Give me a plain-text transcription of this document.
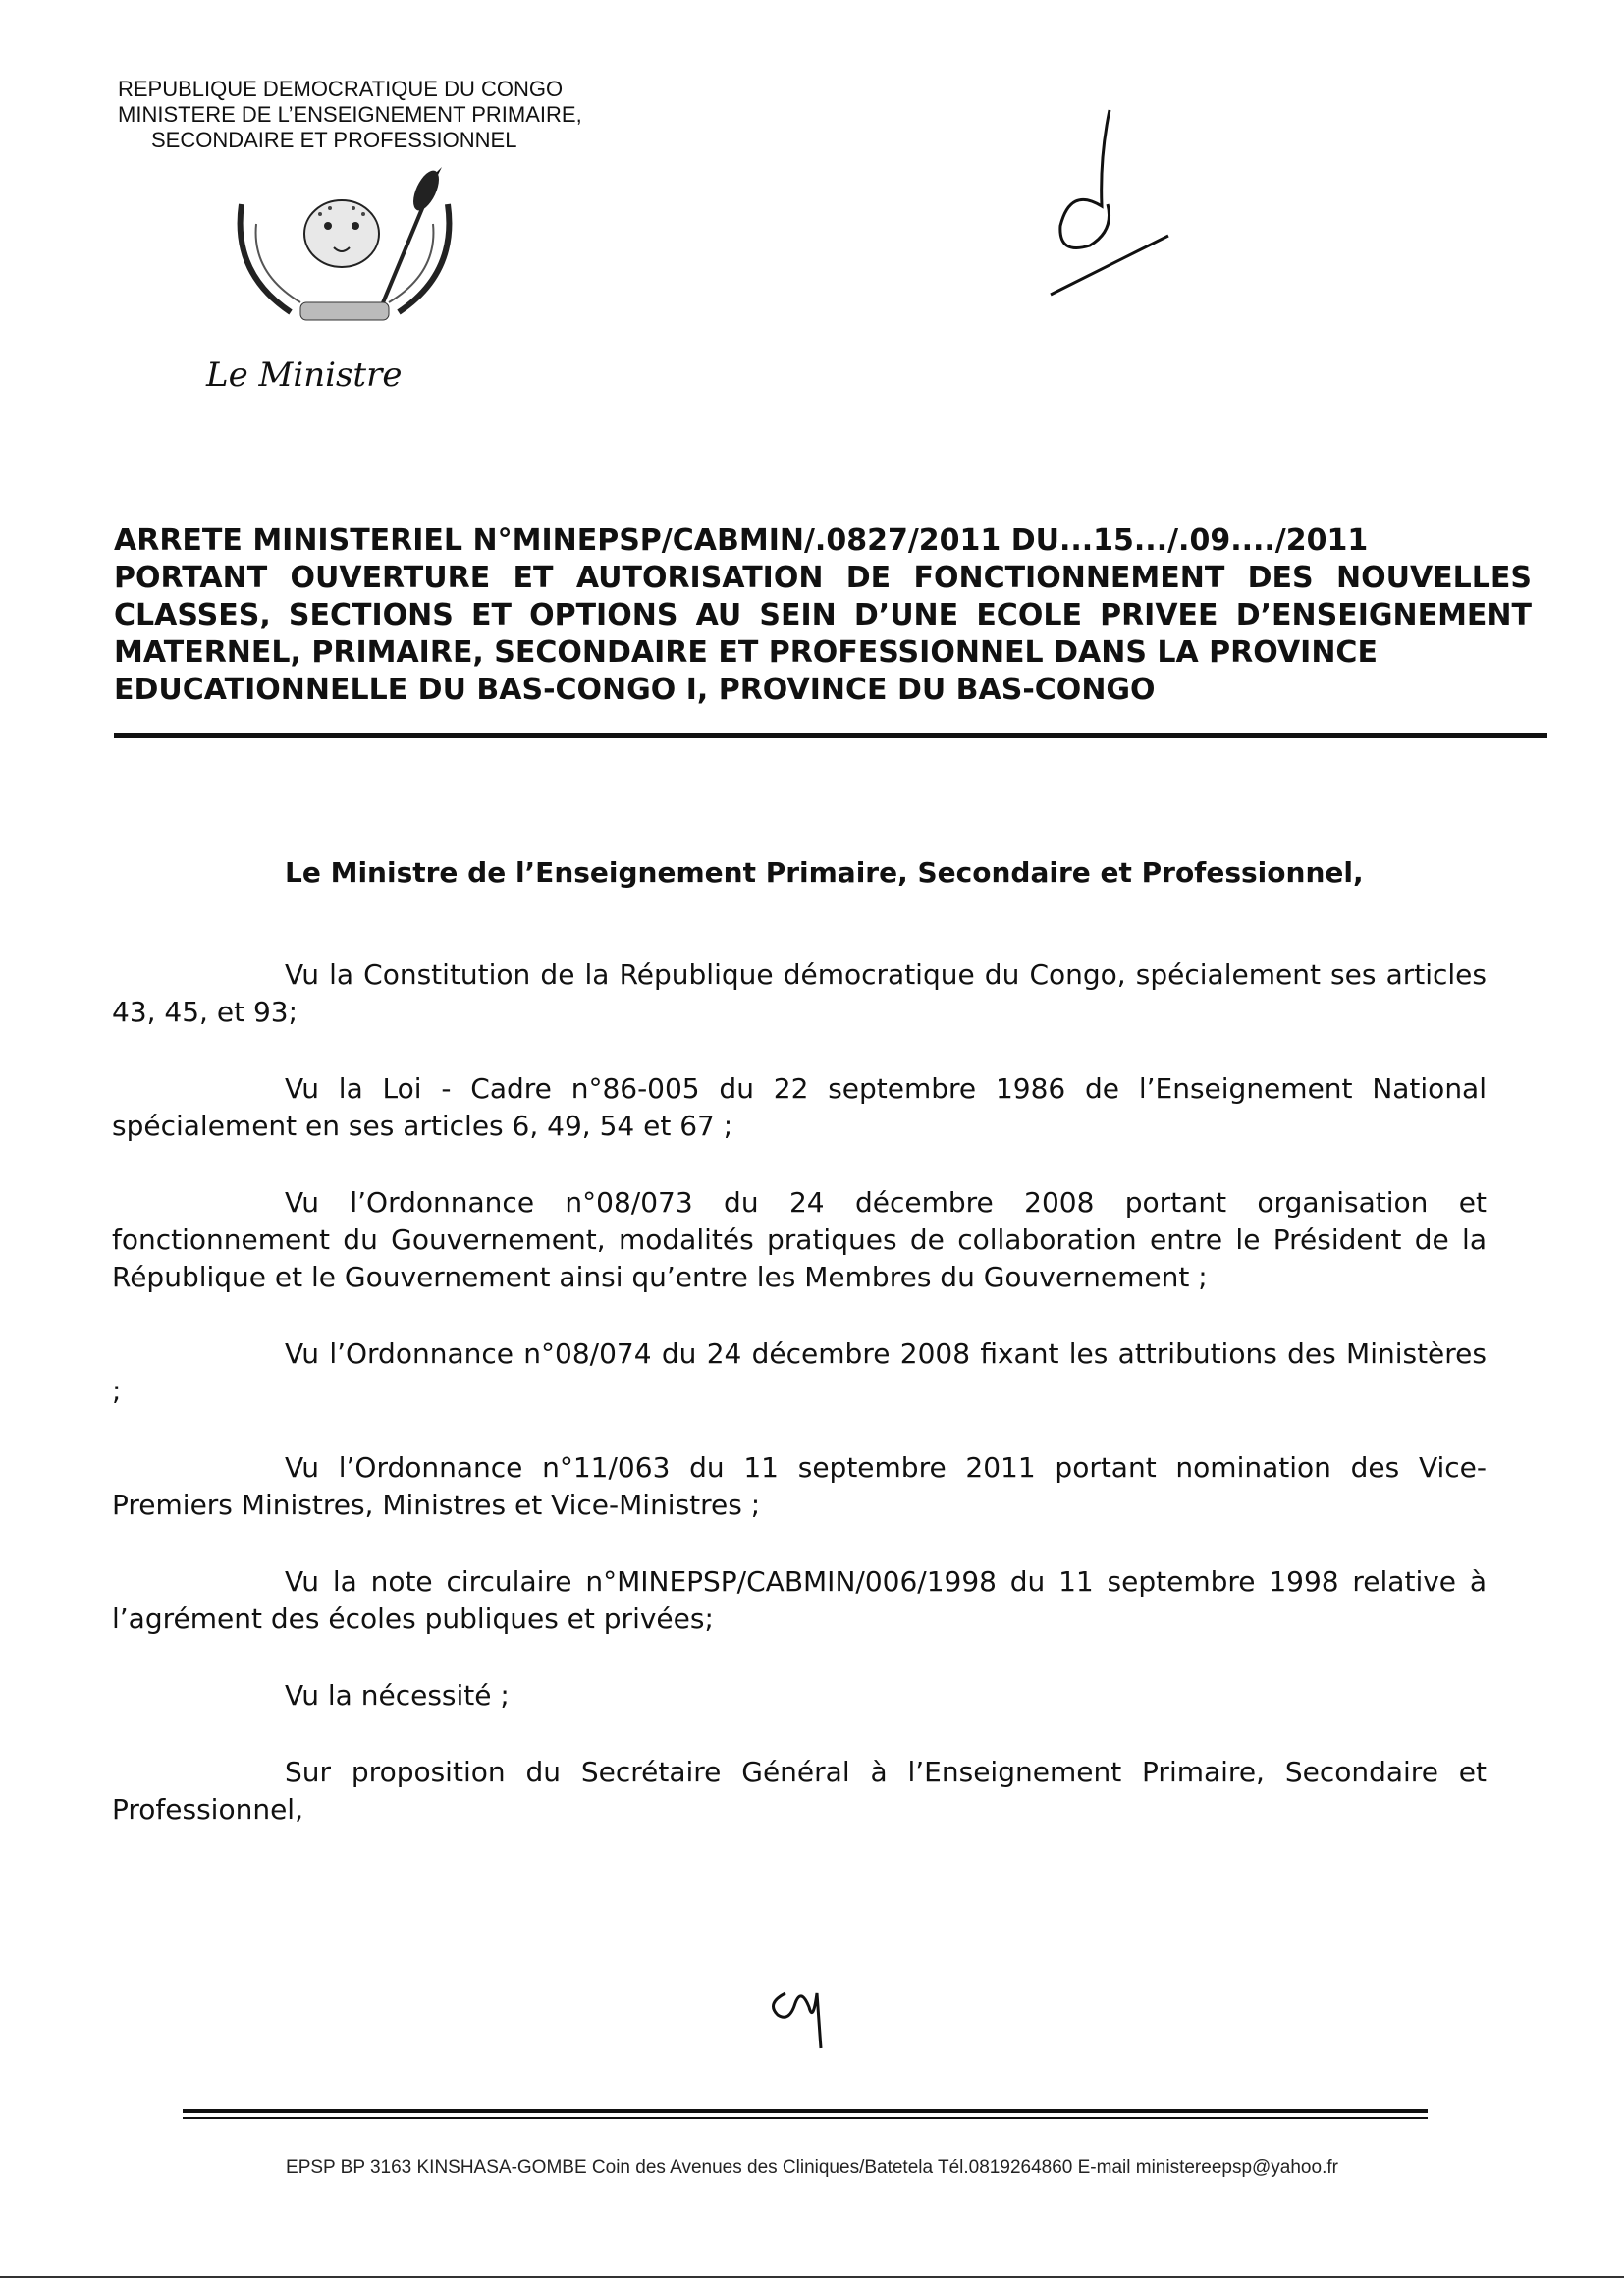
REPUBLIQUE DEMOCRATIQUE DU CONGO
MINISTERE DE L’ENSEIGNEMENT PRIMAIRE,
SECONDAIRE ET PROFESSIONNEL
Le Ministre
ARRETE MINISTERIEL N°MINEPSP/CABMIN/.0827/2011 DU...15.../.09..../2011
PORTANT OUVERTURE ET AUTORISATION DE FONCTIONNEMENT DES NOUVELLES CLASSES, SECTIONS ET OPTIONS AU SEIN D’UNE ECOLE PRIVEE D’ENSEIGNEMENT MATERNEL, PRIMAIRE, SECONDAIRE ET PROFESSIONNEL DANS LA PROVINCE
EDUCATIONNELLE DU BAS-CONGO I, PROVINCE DU BAS-CONGO
Le Ministre de l’Enseignement Primaire, Secondaire et Professionnel,

Vu la Constitution de la République démocratique du Congo, spécialement ses articles 43, 45, et 93;

Vu la Loi - Cadre n°86-005 du 22 septembre 1986 de l’Enseignement National spécialement en ses articles 6, 49, 54 et 67 ;

Vu l’Ordonnance n°08/073 du 24 décembre 2008 portant organisation et fonctionnement du Gouvernement, modalités pratiques de collaboration entre le Président de la République et le Gouvernement ainsi qu’entre les Membres du Gouvernement ;

Vu l’Ordonnance n°08/074 du 24 décembre 2008 fixant les attributions des Ministères ;

Vu l’Ordonnance n°11/063 du 11 septembre 2011 portant nomination des Vice-Premiers Ministres, Ministres et Vice-Ministres ;

Vu la note circulaire n°MINEPSP/CABMIN/006/1998 du 11 septembre 1998 relative à l’agrément des écoles publiques et privées;

Vu la nécessité ;

Sur proposition du Secrétaire Général à l’Enseignement Primaire, Secondaire et Professionnel,

EPSP BP 3163 KINSHASA-GOMBE Coin des Avenues des Cliniques/Batetela Tél.0819264860 E-mail ministereepsp@yahoo.fr
